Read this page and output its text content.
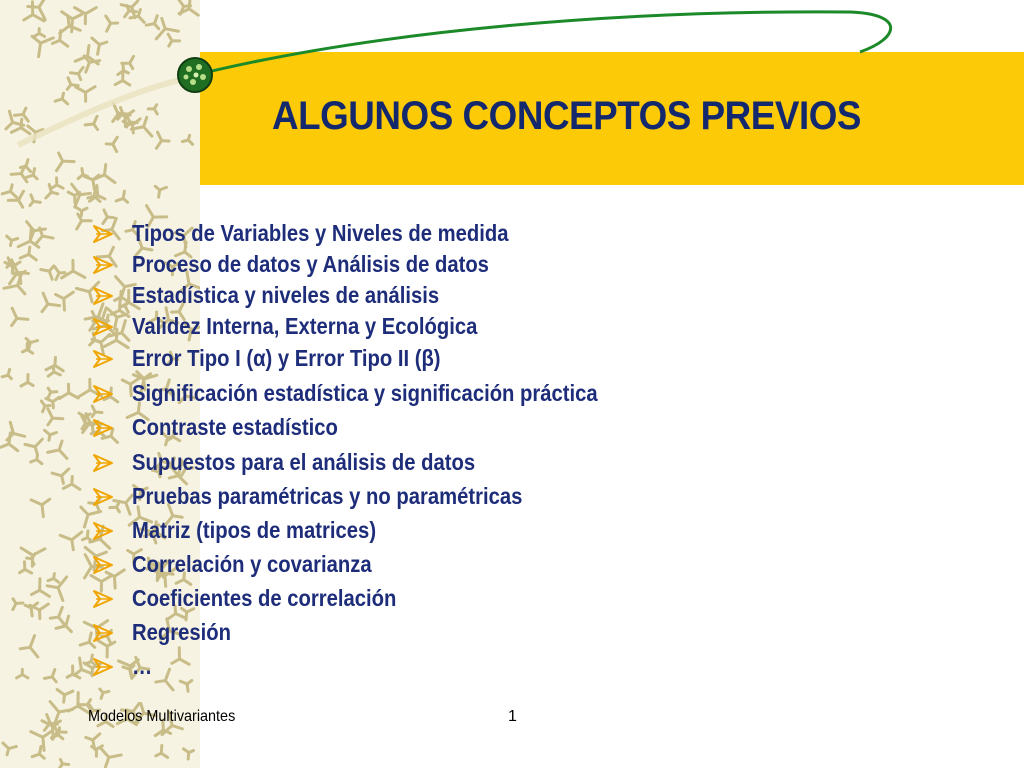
ALGUNOS CONCEPTOS PREVIOS
Tipos de Variables y Niveles de medida
Proceso de datos y Análisis de datos
Estadística y niveles de análisis
Validez Interna, Externa y Ecológica
Error Tipo I (α) y Error Tipo II (β)
Significación estadística y significación práctica
Contraste estadístico
Supuestos para el análisis de datos
Pruebas paramétricas y no paramétricas
Matriz (tipos de matrices)
Correlación y covarianza
Coeficientes de correlación
Regresión
…
Modelos Multivariantes	1
